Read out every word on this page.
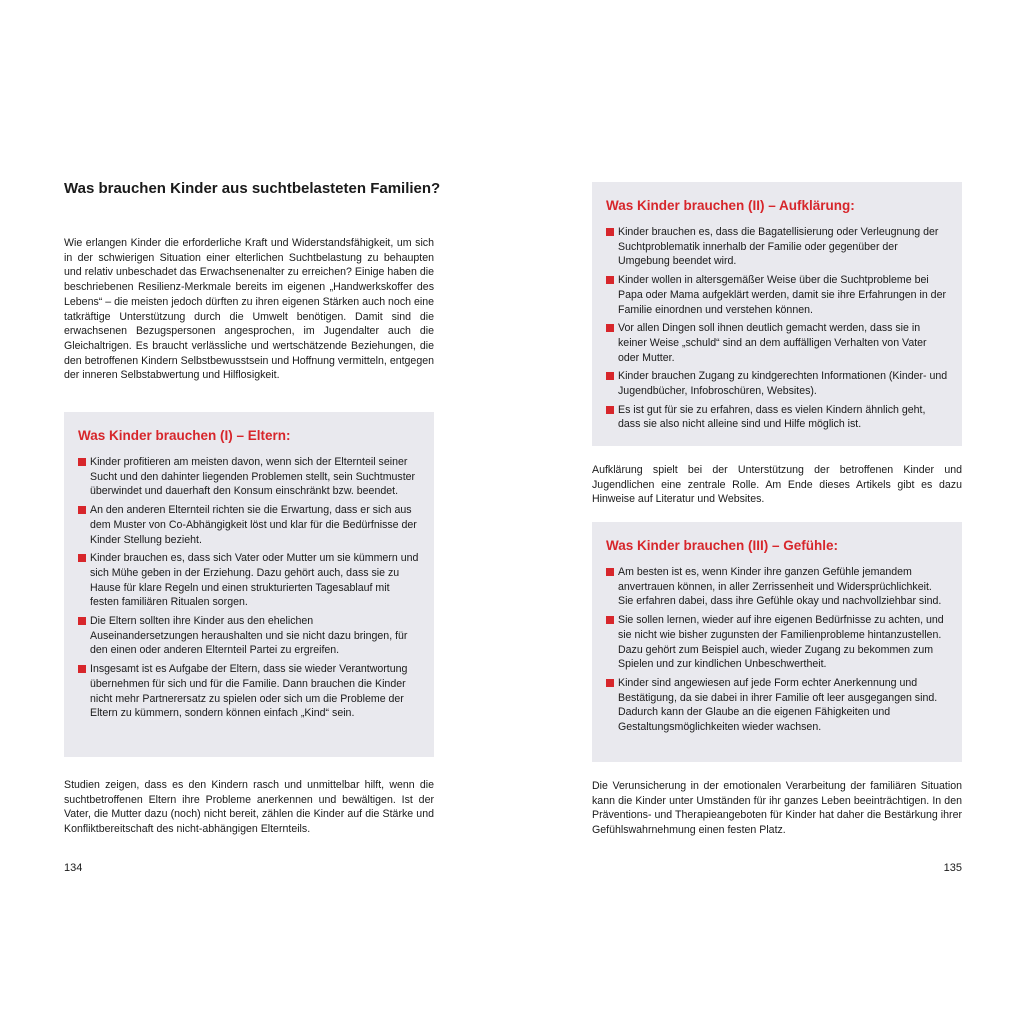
Was brauchen Kinder aus suchtbelasteten Familien?

Wie erlangen Kinder die erforderliche Kraft und Widerstandsfähigkeit, um sich in der schwierigen Situation einer elterlichen Suchtbelastung zu behaupten und relativ unbeschadet das Erwachsenenalter zu erreichen? Einige haben die beschriebenen Resilienz-Merkmale bereits im eigenen „Handwerkskoffer des Lebens“ – die meisten jedoch dürften zu ihren eigenen Stärken auch noch eine tatkräftige Unterstützung durch die Umwelt benötigen. Damit sind die erwachsenen Bezugspersonen angesprochen, im Jugendalter auch die Gleichaltrigen. Es braucht verlässliche und wertschätzende Beziehungen, die den betroffenen Kindern Selbstbewusstsein und Hoffnung vermitteln, entgegen der inneren Selbstabwertung und Hilflosigkeit.

Was Kinder brauchen (I) – Eltern:
Kinder profitieren am meisten davon, wenn sich der Elternteil seiner Sucht und den dahinter liegenden Problemen stellt, sein Suchtmuster überwindet und dauerhaft den Konsum einschränkt bzw. beendet.
An den anderen Elternteil richten sie die Erwartung, dass er sich aus dem Muster von Co-Abhängigkeit löst und klar für die Bedürfnisse der Kinder Stellung bezieht.
Kinder brauchen es, dass sich Vater oder Mutter um sie kümmern und sich Mühe geben in der Erziehung. Dazu gehört auch, dass sie zu Hause für klare Regeln und einen strukturierten Tagesablauf mit festen familiären Ritualen sorgen.
Die Eltern sollten ihre Kinder aus den ehelichen Auseinandersetzungen heraushalten und sie nicht dazu bringen, für den einen oder anderen Elternteil Partei zu ergreifen.
Insgesamt ist es Aufgabe der Eltern, dass sie wieder Verantwortung übernehmen für sich und für die Familie. Dann brauchen die Kinder nicht mehr Partnerersatz zu spielen oder sich um die Probleme der Eltern zu kümmern, sondern können einfach „Kind“ sein.

Studien zeigen, dass es den Kindern rasch und unmittelbar hilft, wenn die suchtbetroffenen Eltern ihre Probleme anerkennen und bewältigen. Ist der Vater, die Mutter dazu (noch) nicht bereit, zählen die Kinder auf die Stärke und Konfliktbereitschaft des nicht-abhängigen Elternteils.

134
Was Kinder brauchen (II) – Aufklärung:
Kinder brauchen es, dass die Bagatellisierung oder Verleugnung der Suchtproblematik innerhalb der Familie oder gegenüber der Umgebung beendet wird.
Kinder wollen in altersgemäßer Weise über die Suchtprobleme bei Papa oder Mama aufgeklärt werden, damit sie ihre Erfahrungen in der Familie einordnen und verstehen können.
Vor allen Dingen soll ihnen deutlich gemacht werden, dass sie in keiner Weise „schuld“ sind an dem auffälligen Verhalten von Vater oder Mutter.
Kinder brauchen Zugang zu kindgerechten Informationen (Kinder- und Jugendbücher, Infobroschüren, Websites).
Es ist gut für sie zu erfahren, dass es vielen Kindern ähnlich geht, dass sie also nicht alleine sind und Hilfe möglich ist.

Aufklärung spielt bei der Unterstützung der betroffenen Kinder und Jugendlichen eine zentrale Rolle. Am Ende dieses Artikels gibt es dazu Hinweise auf Literatur und Websites.

Was Kinder brauchen (III) – Gefühle:
Am besten ist es, wenn Kinder ihre ganzen Gefühle jemandem anvertrauen können, in aller Zerrissenheit und Widersprüchlichkeit. Sie erfahren dabei, dass ihre Gefühle okay und nachvollziehbar sind.
Sie sollen lernen, wieder auf ihre eigenen Bedürfnisse zu achten, und sie nicht wie bisher zugunsten der Familienprobleme hintanzustellen. Dazu gehört zum Beispiel auch, wieder Zugang zu bekommen zum Spielen und zur kindlichen Unbeschwertheit.
Kinder sind angewiesen auf jede Form echter Anerkennung und Bestätigung, da sie dabei in ihrer Familie oft leer ausgegangen sind. Dadurch kann der Glaube an die eigenen Fähigkeiten und Gestaltungsmöglichkeiten wieder wachsen.

Die Verunsicherung in der emotionalen Verarbeitung der familiären Situation kann die Kinder unter Umständen für ihr ganzes Leben beeinträchtigen. In den Präventions- und Therapieangeboten für Kinder hat daher die Bestärkung ihrer Gefühlswahrnehmung einen festen Platz.

135
